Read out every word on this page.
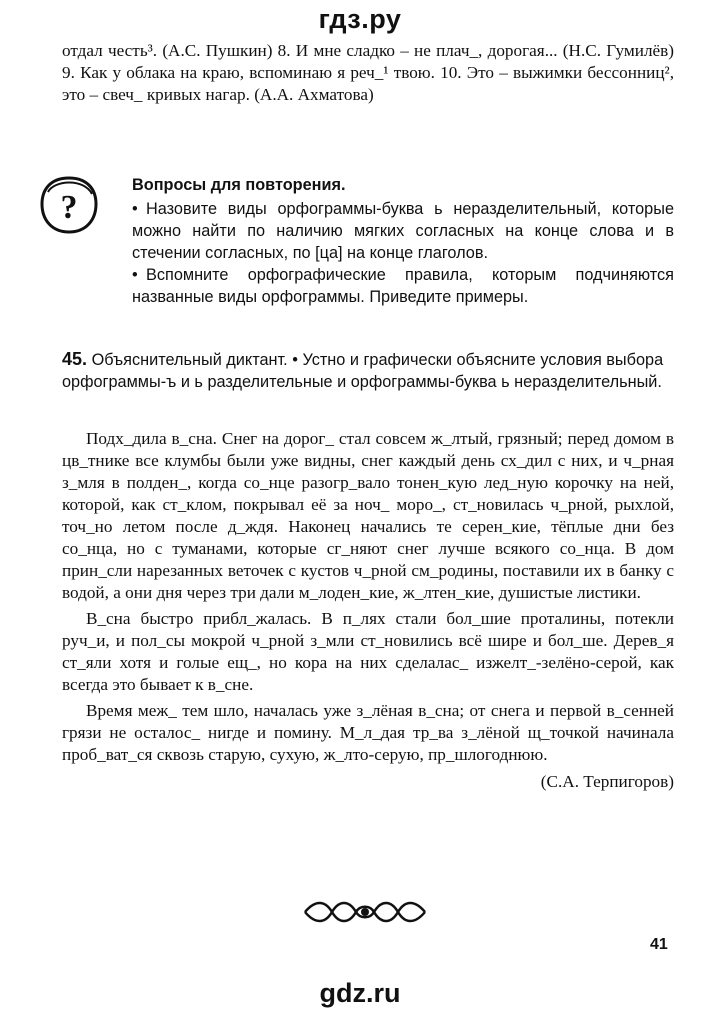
гдз.ру

отдал честь³. (А.С. Пушкин) 8. И мне сладко – не плач_, дорогая... (Н.С. Гумилёв) 9. Как у облака на краю, вспоминаю я реч_¹ твою. 10. Это – выжимки бессонниц², это – свеч_ кривых нагар. (А.А. Ахматова)

?

Вопросы для повторения.

• Назовите виды орфограммы-буква ь неразделительный, которые можно найти по наличию мягких согласных на конце слова и в стечении согласных, по [ца] на конце глаголов.

• Вспомните орфографические правила, которым подчиняются названные виды орфограммы. Приведите примеры.

45. Объяснительный диктант. • Устно и графически объясните условия выбора орфограммы-ъ и ь разделительные и орфограммы-буква ь неразделительный.

Подх_дила в_сна. Снег на дорог_ стал совсем ж_лтый, грязный; перед домом в цв_тнике все клумбы были уже видны, снег каждый день сх_дил с них, и ч_рная з_мля в полден_, когда со_нце разогр_вало тонен_кую лед_ную корочку на ней, которой, как ст_клом, покрывал её за ноч_ моро_, ст_новилась ч_рной, рыхлой, точ_но летом после д_ждя. Наконец начались те серен_кие, тёплые дни без со_нца, но с туманами, которые сг_няют снег лучше всякого со_нца. В дом прин_сли нарезанных веточек с кустов ч_рной см_родины, поставили их в банку с водой, а они дня через три дали м_лоден_кие, ж_лтен_кие, душистые листики.

В_сна быстро прибл_жалась. В п_лях стали бол_шие проталины, потекли руч_и, и пол_сы мокрой ч_рной з_мли ст_новились всё шире и бол_ше. Дерев_я ст_яли хотя и голые ещ_, но кора на них сделалас_ изжелт_-зелёно-серой, как всегда это бывает к в_сне.

Время меж_ тем шло, началась уже з_лёная в_сна; от снега и первой в_сенней грязи не осталос_ нигде и помину. М_л_дая тр_ва з_лёной щ_точкой начинала проб_ват_ся сквозь старую, сухую, ж_лто-серую, пр_шлогоднюю.

(С.А. Терпигоров)
41
gdz.ru
